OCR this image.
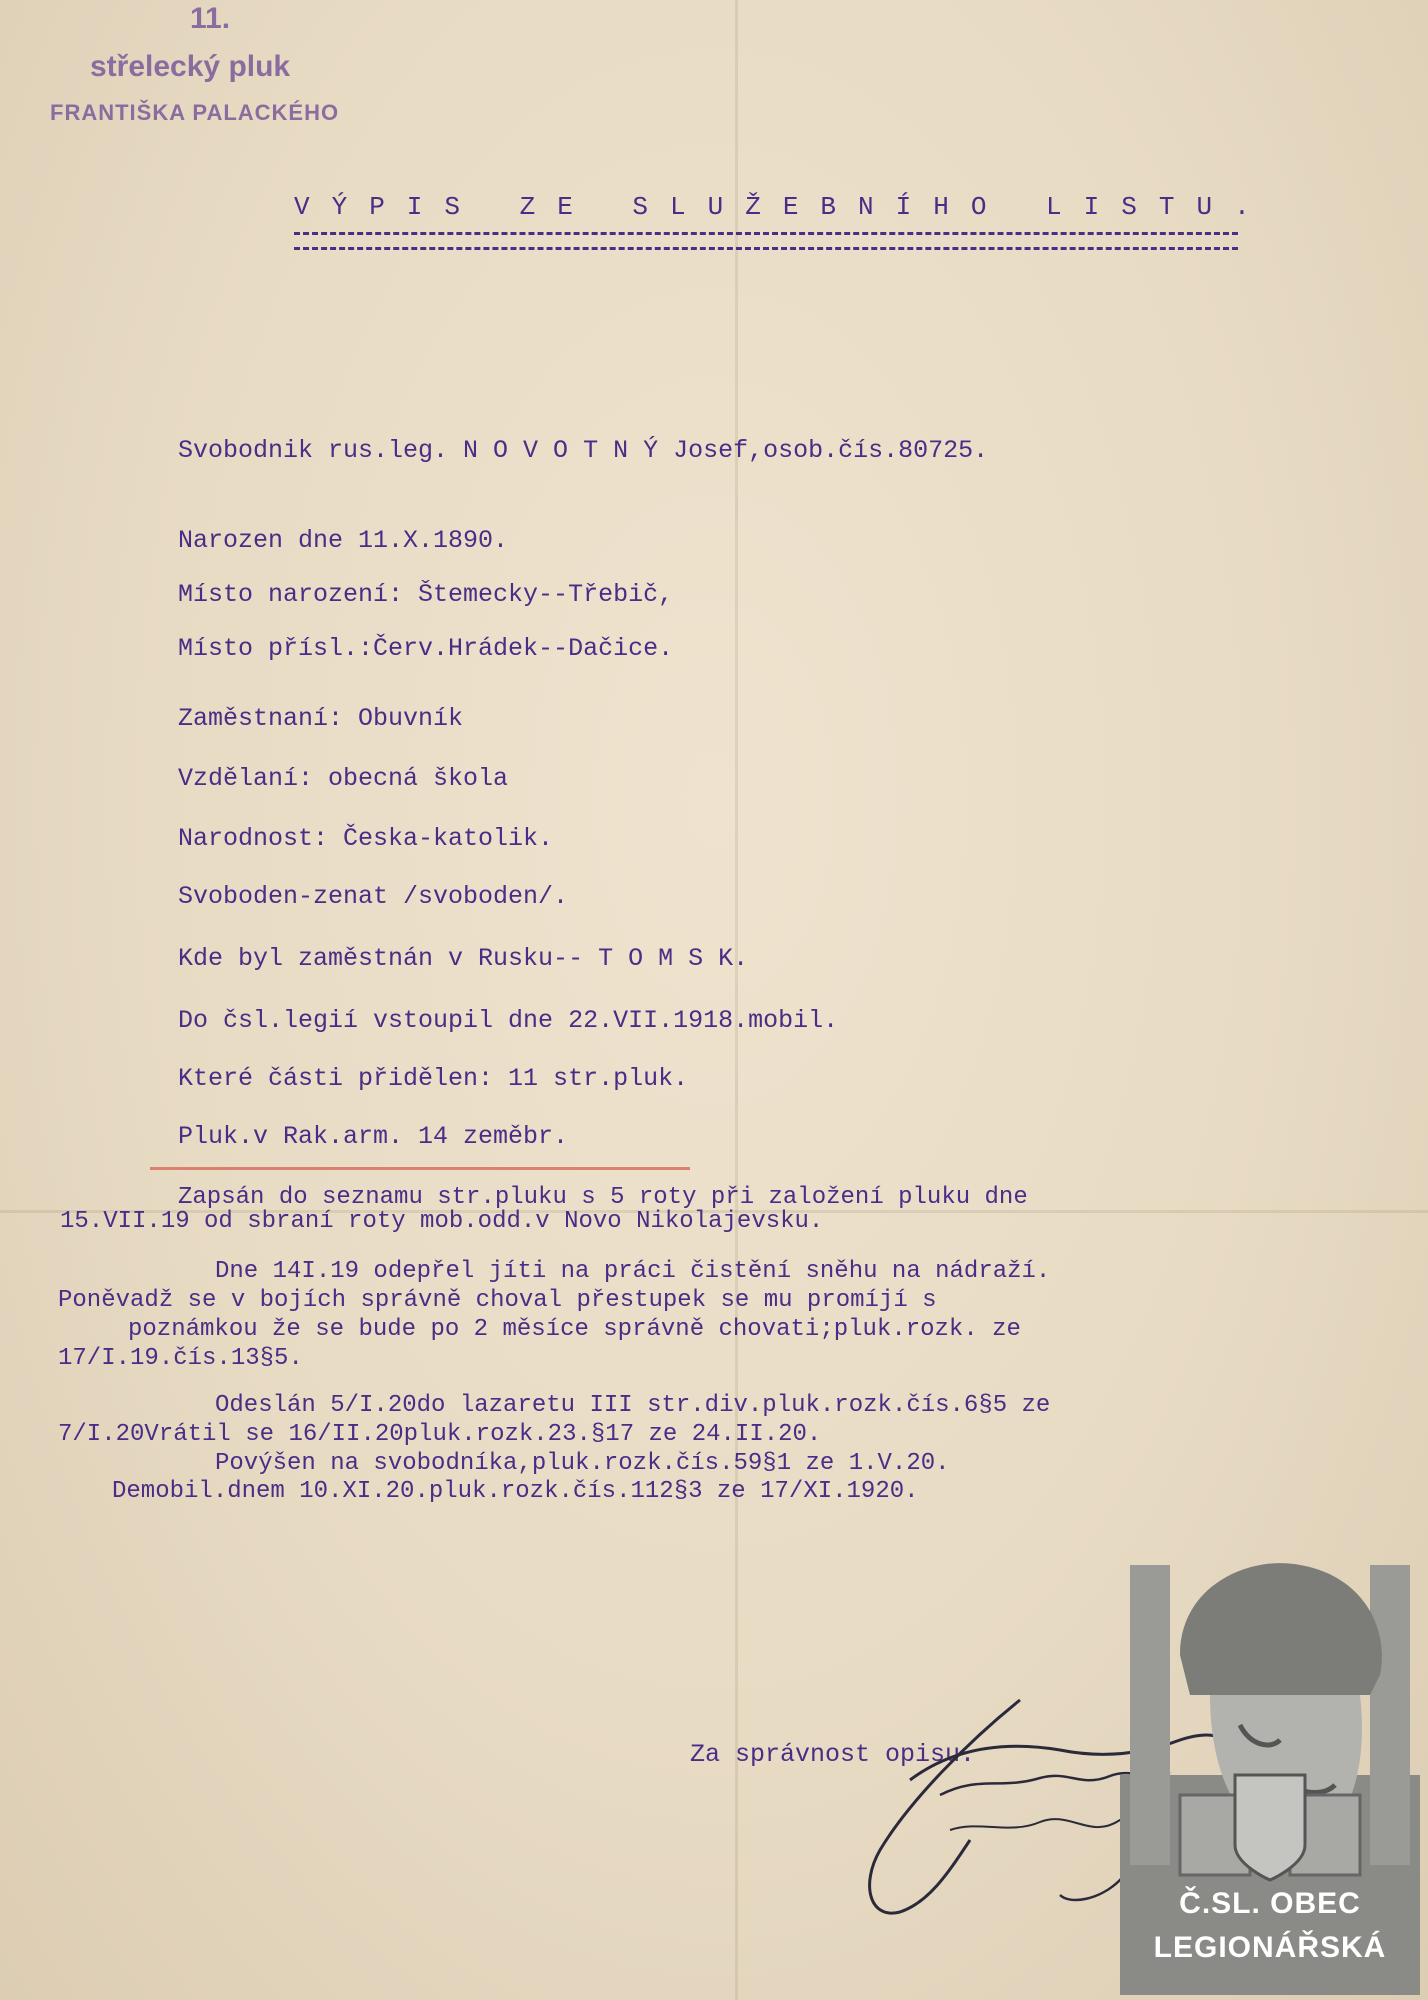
11.
střelecký pluk
FRANTIŠKA PALACKÉHO
VÝPIS ZE SLUŽEBNÍHO LISTU.
Svobodnik rus.leg. N O V O T N Ý Josef,osob.čís.80725.
Narozen dne 11.X.1890.
Místo narození: Štemecky--Třebič,
Místo přísl.:Červ.Hrádek--Dačice.
Zaměstnaní: Obuvník
Vzdělaní: obecná škola
Narodnost: Česka-katolik.
Svoboden-zenat /svoboden/.
Kde byl zaměstnán v Rusku-- T O M S K.
Do čsl.legií vstoupil dne 22.VII.1918.mobil.
Které části přidělen: 11 str.pluk.
Pluk.v Rak.arm. 14 zeměbr.
Zapsán do seznamu str.pluku s 5 roty při založení pluku dne
15.VII.19 od sbraní roty mob.odd.v Novo Nikolajevsku.
Dne 14I.19 odepřel jíti na práci čistění sněhu na nádraží.
Poněvadž se v bojích správně choval přestupek se mu promíjí s
poznámkou že se bude po 2 měsíce správně chovati;pluk.rozk. ze
17/I.19.čís.13§5.
Odeslán 5/I.20do lazaretu III str.div.pluk.rozk.čís.6§5 ze
7/I.20Vrátil se 16/II.20pluk.rozk.23.§17 ze 24.II.20.
Povýšen na svobodníka,pluk.rozk.čís.59§1 ze 1.V.20.
Demobil.dnem 10.XI.20.pluk.rozk.čís.112§3 ze 17/XI.1920.
Za správnost opisu.
Č.SL. OBEC
LEGIONÁŘSKÁ
